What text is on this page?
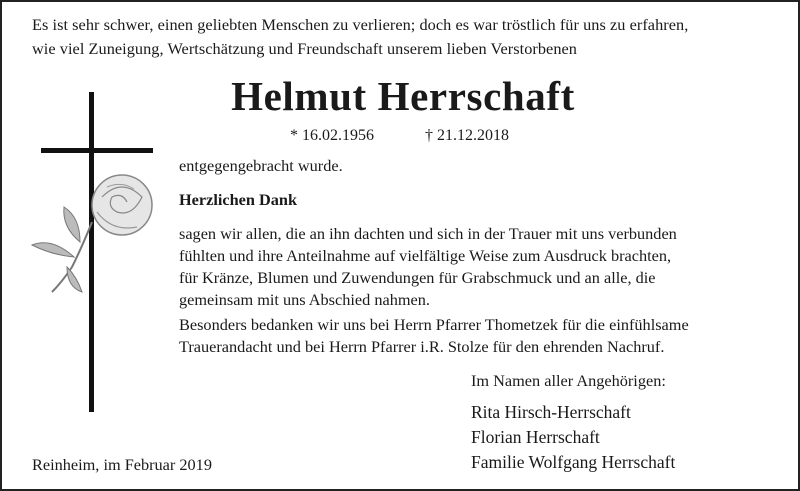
Es ist sehr schwer, einen geliebten Menschen zu verlieren; doch es war tröstlich für uns zu erfahren,
wie viel Zuneigung, Wertschätzung und Freundschaft unserem lieben Verstorbenen
Helmut Herrschaft
* 16.02.1956	† 21.12.2018
entgegengebracht wurde.
Herzlichen Dank
sagen wir allen, die an ihn dachten und sich in der Trauer mit uns verbunden
fühlten und ihre Anteilnahme auf vielfältige Weise zum Ausdruck brachten,
für Kränze, Blumen und Zuwendungen für Grabschmuck und an alle, die
gemeinsam mit uns Abschied nahmen.
Besonders bedanken wir uns bei Herrn Pfarrer Thometzek für die einfühlsame
Trauerandacht und bei Herrn Pfarrer i.R. Stolze für den ehrenden Nachruf.
Im Namen aller Angehörigen:
Rita Hirsch-Herrschaft
Florian Herrschaft
Familie Wolfgang Herrschaft
Reinheim, im Februar 2019
